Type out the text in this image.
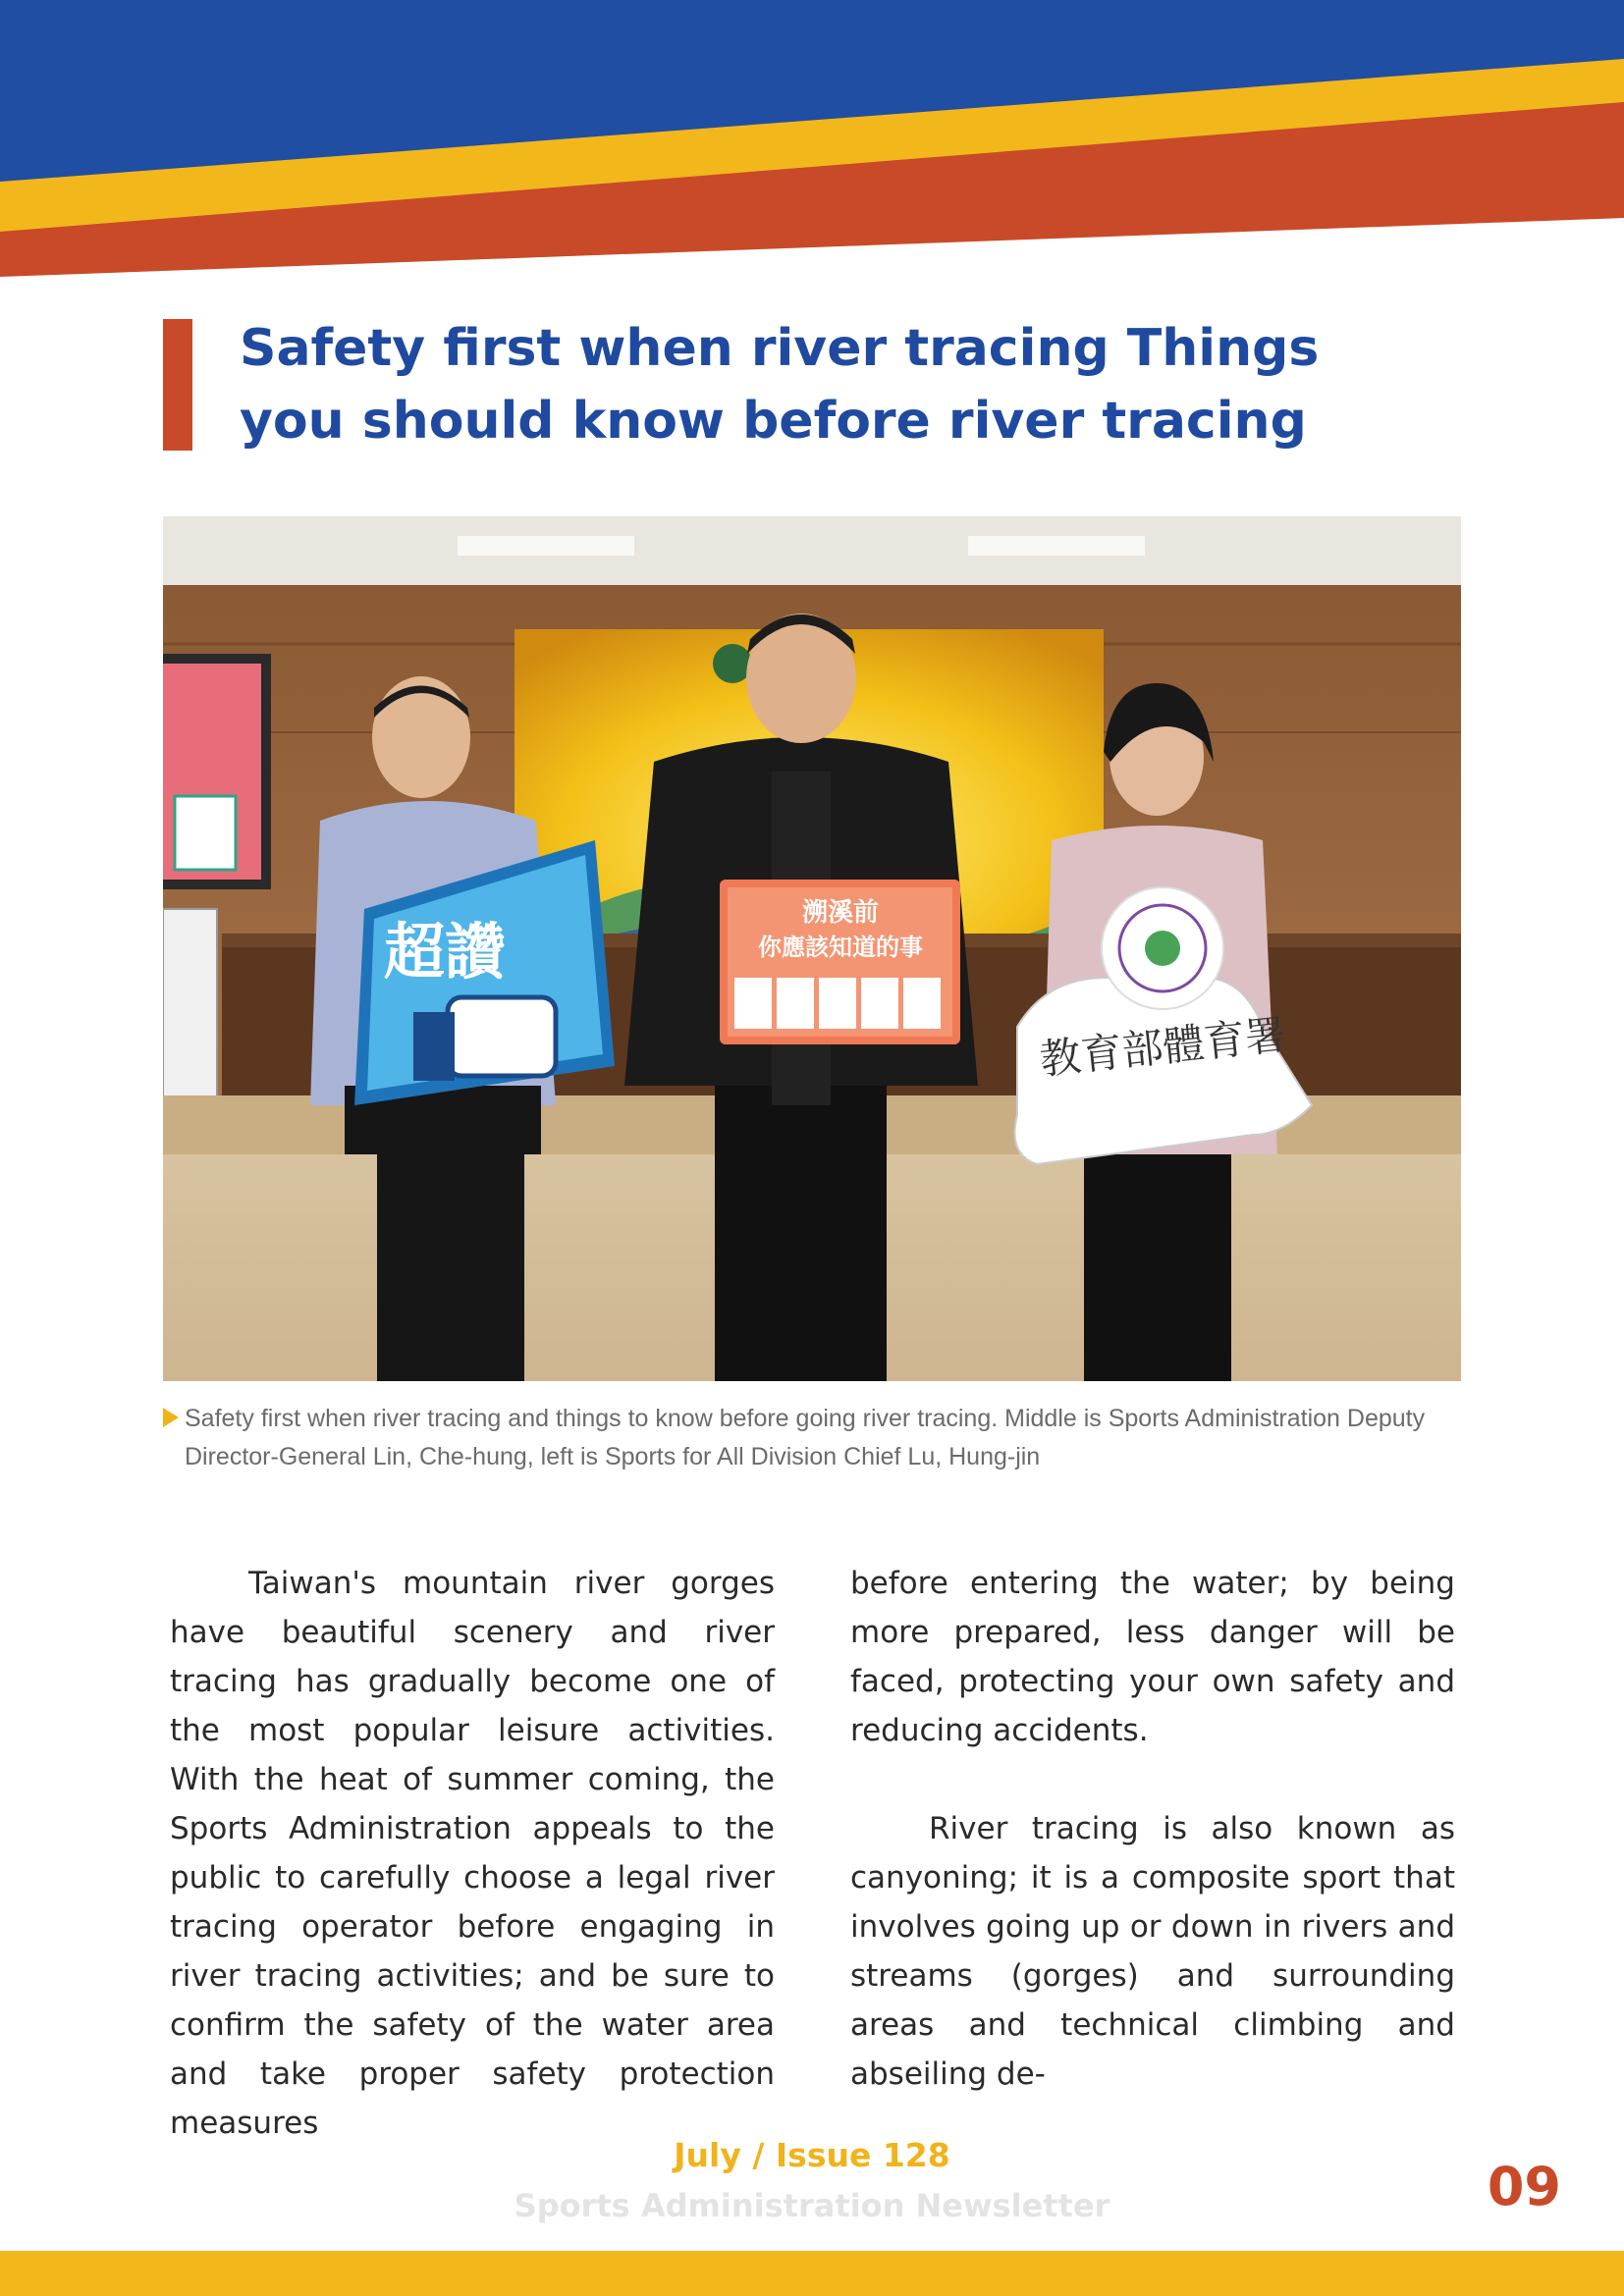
Safety first when river tracing Things
you should know before river tracing
超讚
溯溪前
你應該知道的事
教育部體育署
Safety first when river tracing and things to know before going river tracing. Middle is Sports Administration Deputy Director-General Lin, Che-hung, left is Sports for All Division Chief Lu, Hung-jin

Taiwan's mountain river gorges have beautiful scenery and river tracing has gradually become one of the most popular leisure activities. With the heat of summer coming, the Sports Administration appeals to the public to carefully choose a legal river tracing operator before engaging in river tracing activities; and be sure to confirm the safety of the water area and take proper safety protection measures

before entering the water; by being more prepared, less danger will be faced, protecting your own safety and reducing accidents.

River tracing is also known as canyoning; it is a composite sport that involves going up or down in rivers and streams (gorges) and surrounding areas and technical climbing and abseiling de-

July / Issue 128
Sports Administration Newsletter	09
